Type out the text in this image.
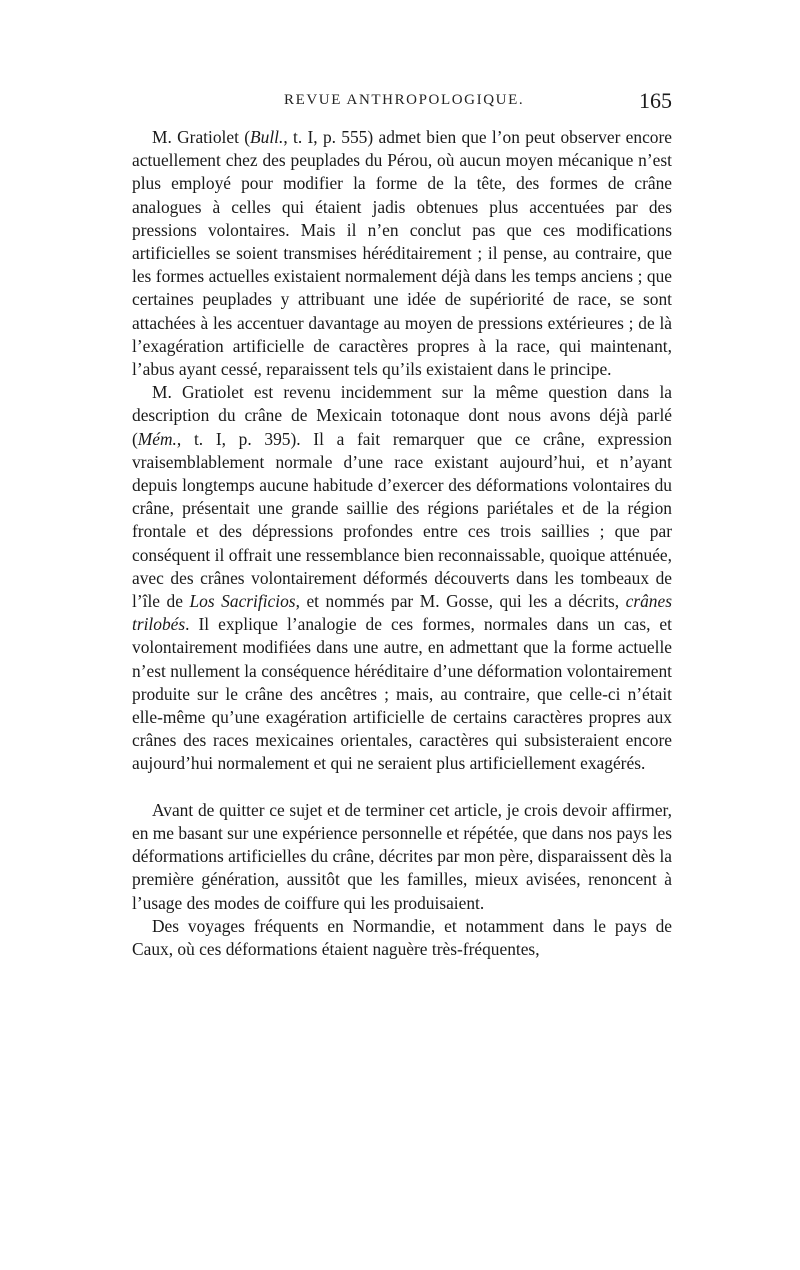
REVUE ANTHROPOLOGIQUE.	165

M. Gratiolet (Bull., t. I, p. 555) admet bien que l’on peut observer encore actuellement chez des peuplades du Pérou, où aucun moyen mécanique n’est plus employé pour modifier la forme de la tête, des formes de crâne analogues à celles qui étaient jadis obtenues plus accentuées par des pressions volontaires. Mais il n’en conclut pas que ces modifications artificielles se soient transmises héréditairement ; il pense, au contraire, que les formes actuelles existaient normalement déjà dans les temps anciens ; que certaines peuplades y attribuant une idée de supériorité de race, se sont attachées à les accentuer davantage au moyen de pressions extérieures ; de là l’exagération artificielle de caractères propres à la race, qui maintenant, l’abus ayant cessé, reparaissent tels qu’ils existaient dans le principe.

M. Gratiolet est revenu incidemment sur la même question dans la description du crâne de Mexicain totonaque dont nous avons déjà parlé (Mém., t. I, p. 395). Il a fait remarquer que ce crâne, expression vraisemblablement normale d’une race existant aujourd’hui, et n’ayant depuis longtemps aucune habitude d’exercer des déformations volontaires du crâne, présentait une grande saillie des régions pariétales et de la région frontale et des dépressions profondes entre ces trois saillies ; que par conséquent il offrait une ressemblance bien reconnaissable, quoique atténuée, avec des crânes volontairement déformés découverts dans les tombeaux de l’île de Los Sacrificios, et nommés par M. Gosse, qui les a décrits, crânes trilobés. Il explique l’analogie de ces formes, normales dans un cas, et volontairement modifiées dans une autre, en admettant que la forme actuelle n’est nullement la conséquence héréditaire d’une déformation volontairement produite sur le crâne des ancêtres ; mais, au contraire, que celle-ci n’était elle-même qu’une exagération artificielle de certains caractères propres aux crânes des races mexicaines orientales, caractères qui subsisteraient encore aujourd’hui normalement et qui ne seraient plus artificiellement exagérés.

Avant de quitter ce sujet et de terminer cet article, je crois devoir affirmer, en me basant sur une expérience personnelle et répétée, que dans nos pays les déformations artificielles du crâne, décrites par mon père, disparaissent dès la première génération, aussitôt que les familles, mieux avisées, renoncent à l’usage des modes de coiffure qui les produisaient.

Des voyages fréquents en Normandie, et notamment dans le pays de Caux, où ces déformations étaient naguère très-fréquentes,
